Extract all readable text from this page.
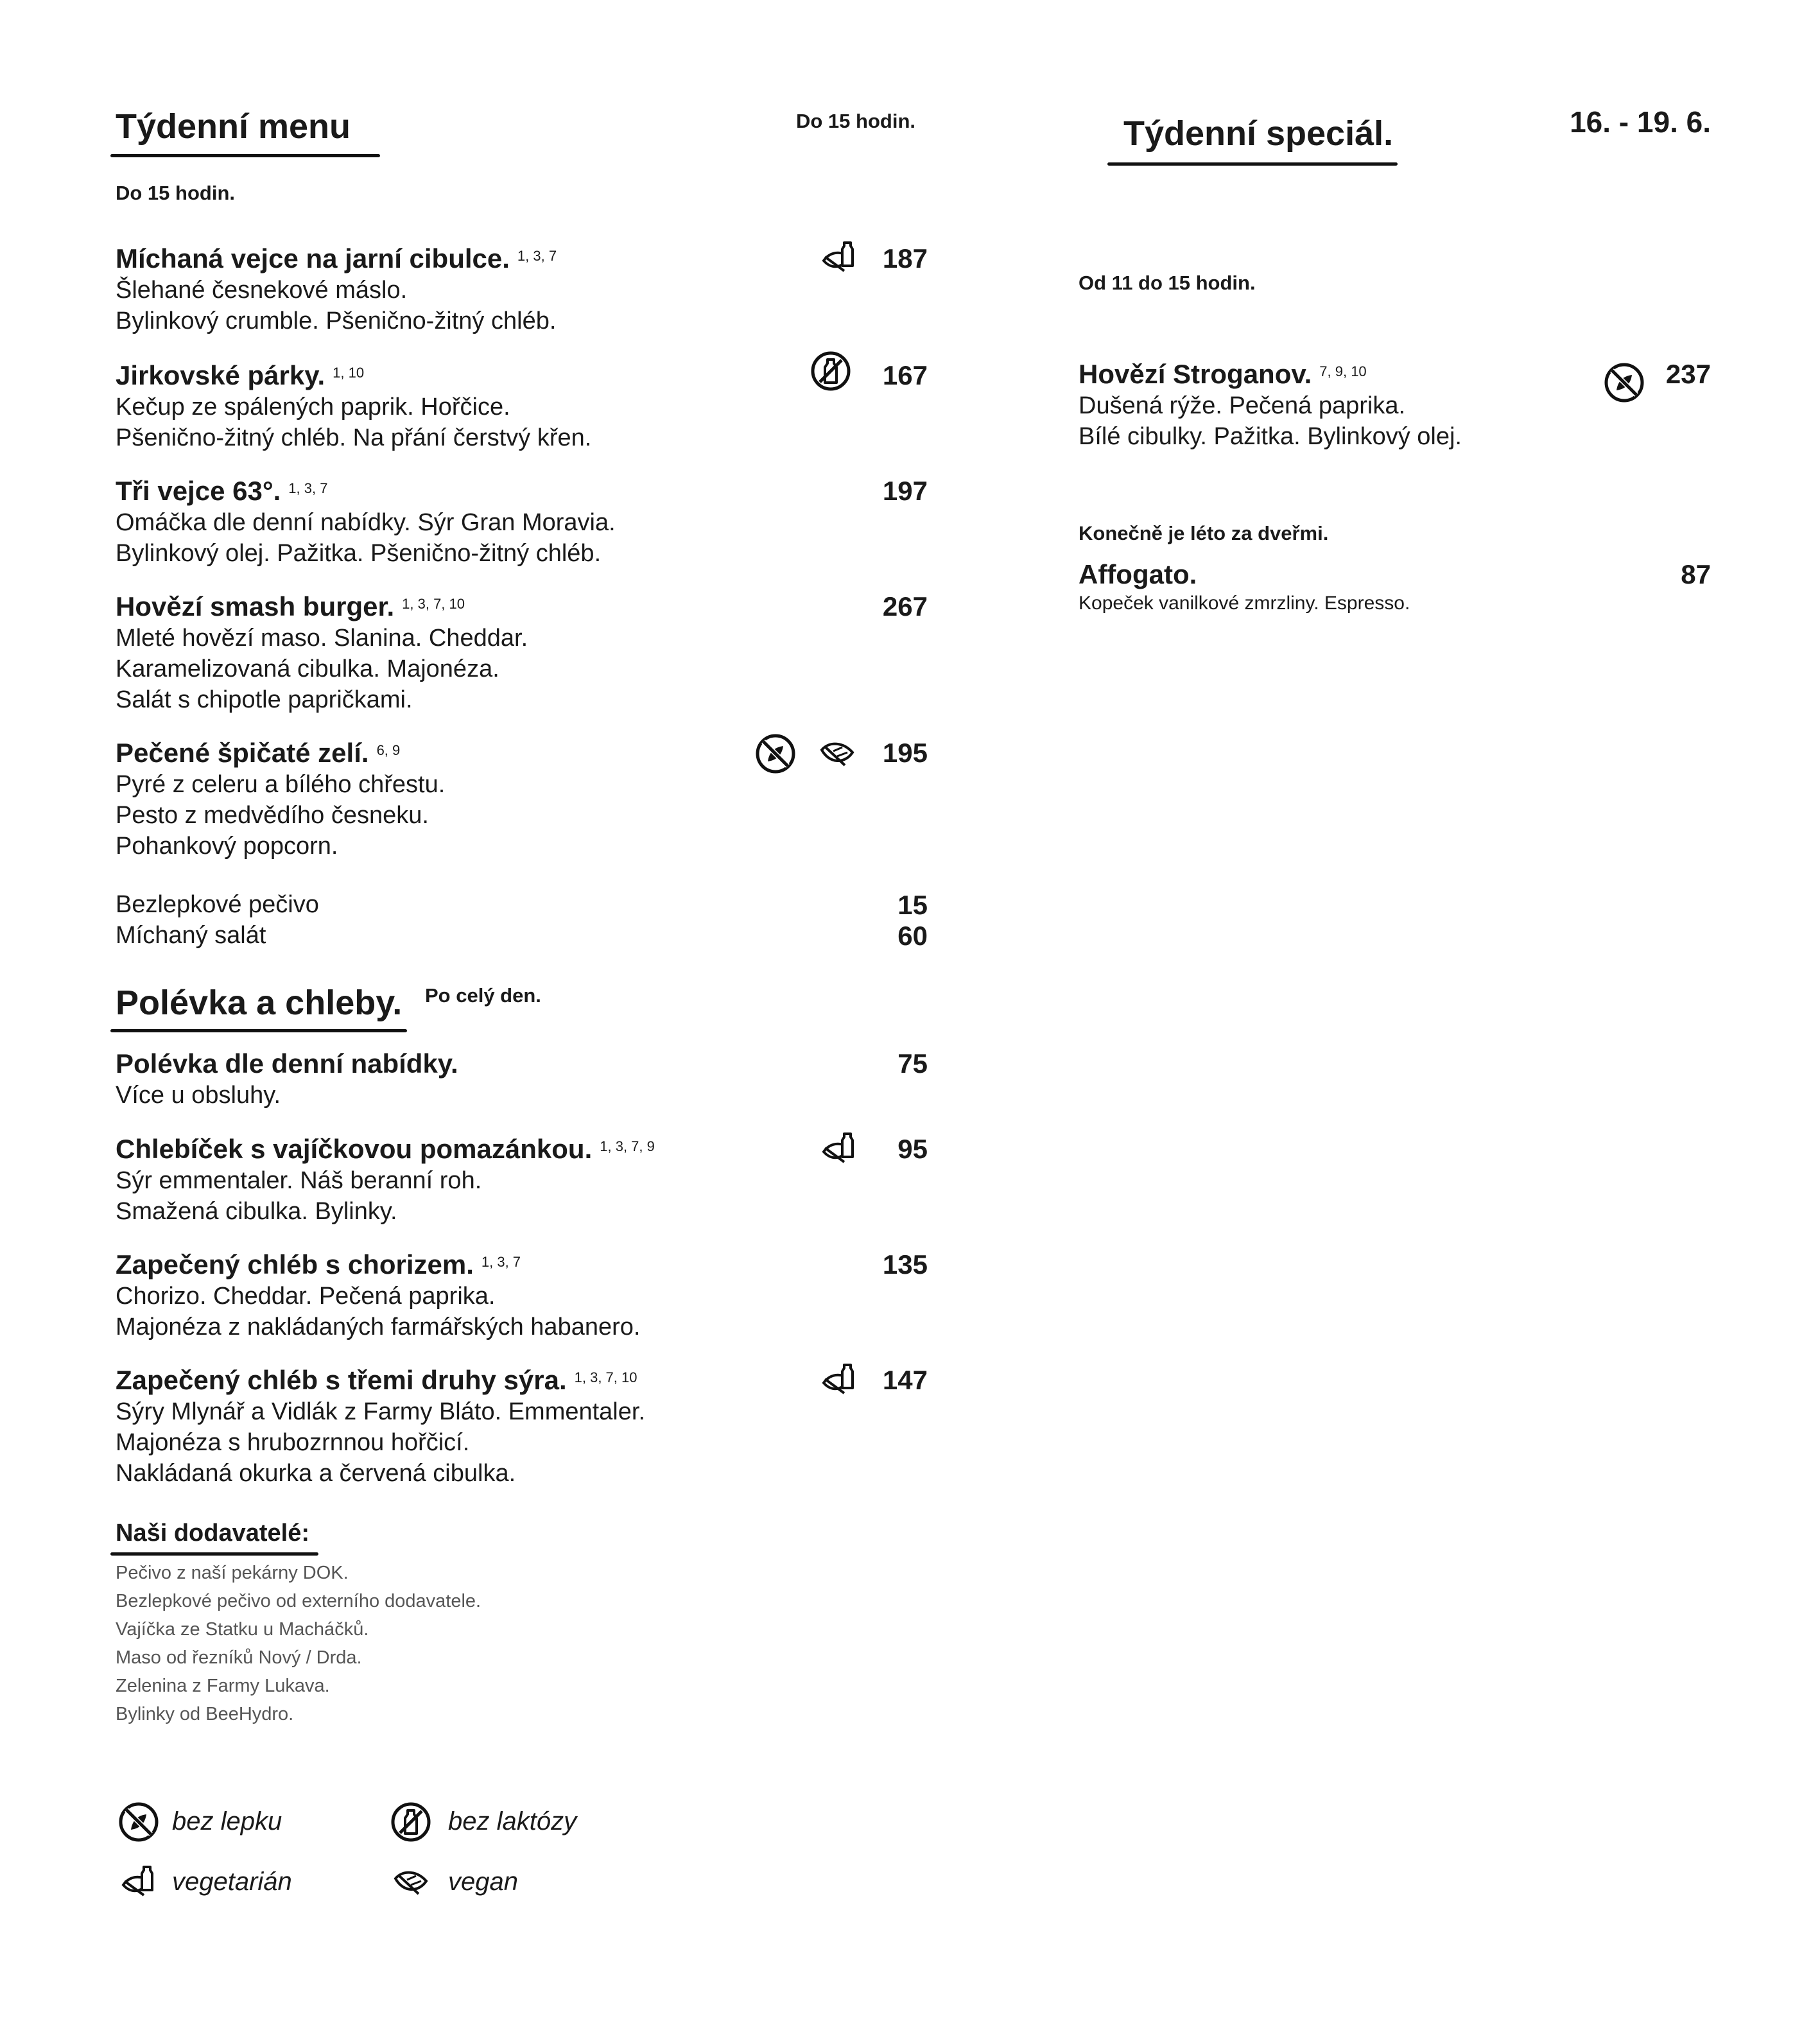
Týdenní menu	Do 15 hodin.
Do 15 hodin.
Míchaná vejce na jarní cibulce. $^{1, 3, 7}$
Šlehané česnekové máslo.
Bylinkový crumble. Pšeničnо-žitný chléb.
187
Jirkovské párky. $^{1, 10}$
Kečup ze spálených paprik. Hořčice.
Pšeničnо-žitný chléb. Na přání čerstvý křen.
167
Tři vejce 63°. $^{1, 3, 7}$
Omáčka dle denní nabídky. Sýr Gran Moravia.
Bylinkový olej. Pažitka. Pšeničnо-žitný chléb.
197
Hovězí smash burger. $^{1, 3, 7, 10}$
Mleté hovězí maso. Slanina. Cheddar.
Karamelizovaná cibulka. Majonéza.
Salát s chipotle papričkami.
267
Pečené špičaté zelí. $^{6, 9}$
Pyré z celeru a bílého chřestu.
Pesto z medvědího česneku.
Pohankový popcorn.
195
Bezlepkové pečivo	15
Míchaný salát	60
Polévka a chleby. Po celý den.
Polévka dle denní nabídky.
Více u obsluhy.
75
Chlebíček s vajíčkovou pomazánkou. $^{1, 3, 7, 9}$
Sýr emmentaler. Náš beranní roh.
Smažená cibulka. Bylinky.
95
Zapečený chléb s chorizem. $^{1, 3, 7}$
Chorizo. Cheddar. Pečená paprika.
Majonéza z nakládaných farmářských habanero.
135
Zapečený chléb s třemi druhy sýra. $^{1, 3, 7, 10}$
Sýry Mlynář a Vidlák z Farmy Bláto. Emmentaler.
Majonéza s hrubozrnnou hořčicí.
Nakládaná okurka a červená cibulka.
147
Naši dodavatelé:
Pečivo z naší pekárny DOK.
Bezlepkové pečivo od externího dodavatele.
Vajíčka ze Statku u Macháčků.
Maso od řezníků Nový / Drda.
Zelenina z Farmy Lukava.
Bylinky od BeeHydro.
bez lepku	bez laktózy
vegetarián	vegan
Týdenní speciál.	16. - 19. 6.
Od 11 do 15 hodin.
Hovězí Stroganov. $^{7, 9, 10}$
Dušená rýže. Pečená paprika.
Bílé cibulky. Pažitka. Bylinkový olej.
237
Konečně je léto za dveřmi.
Affogato.
Kopeček vanilkové zmrzliny. Espresso.
87
